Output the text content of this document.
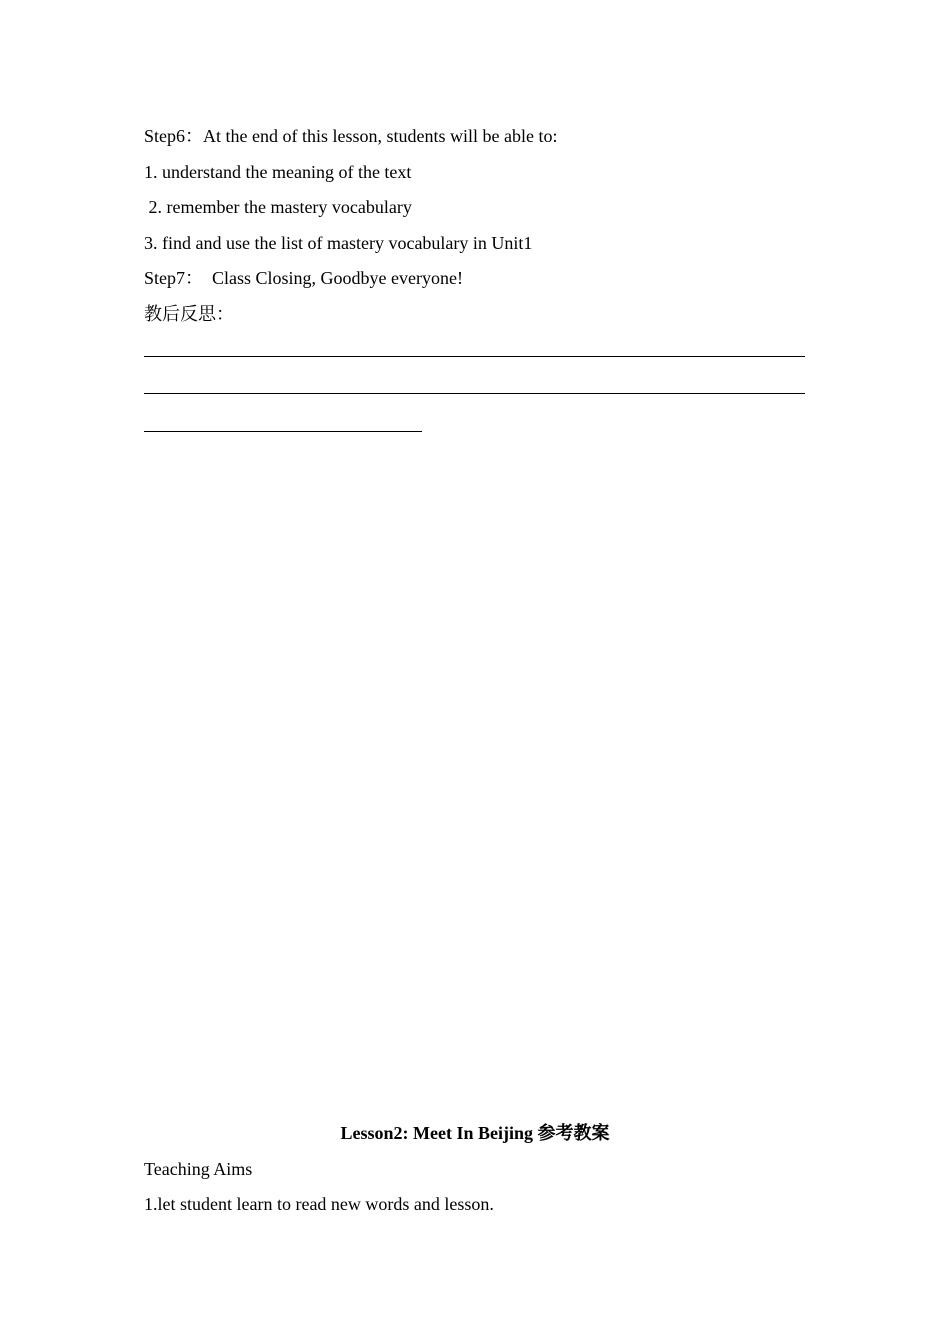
Step6：At the end of this lesson, students will be able to:
1. understand the meaning of the text
2. remember the mastery vocabulary
3. find and use the list of mastery vocabulary in Unit1
Step7：  Class Closing, Goodbye everyone!
教后反思：
Lesson2: Meet In Beijing 参考教案
Teaching Aims
1.let student learn to read new words and lesson.
